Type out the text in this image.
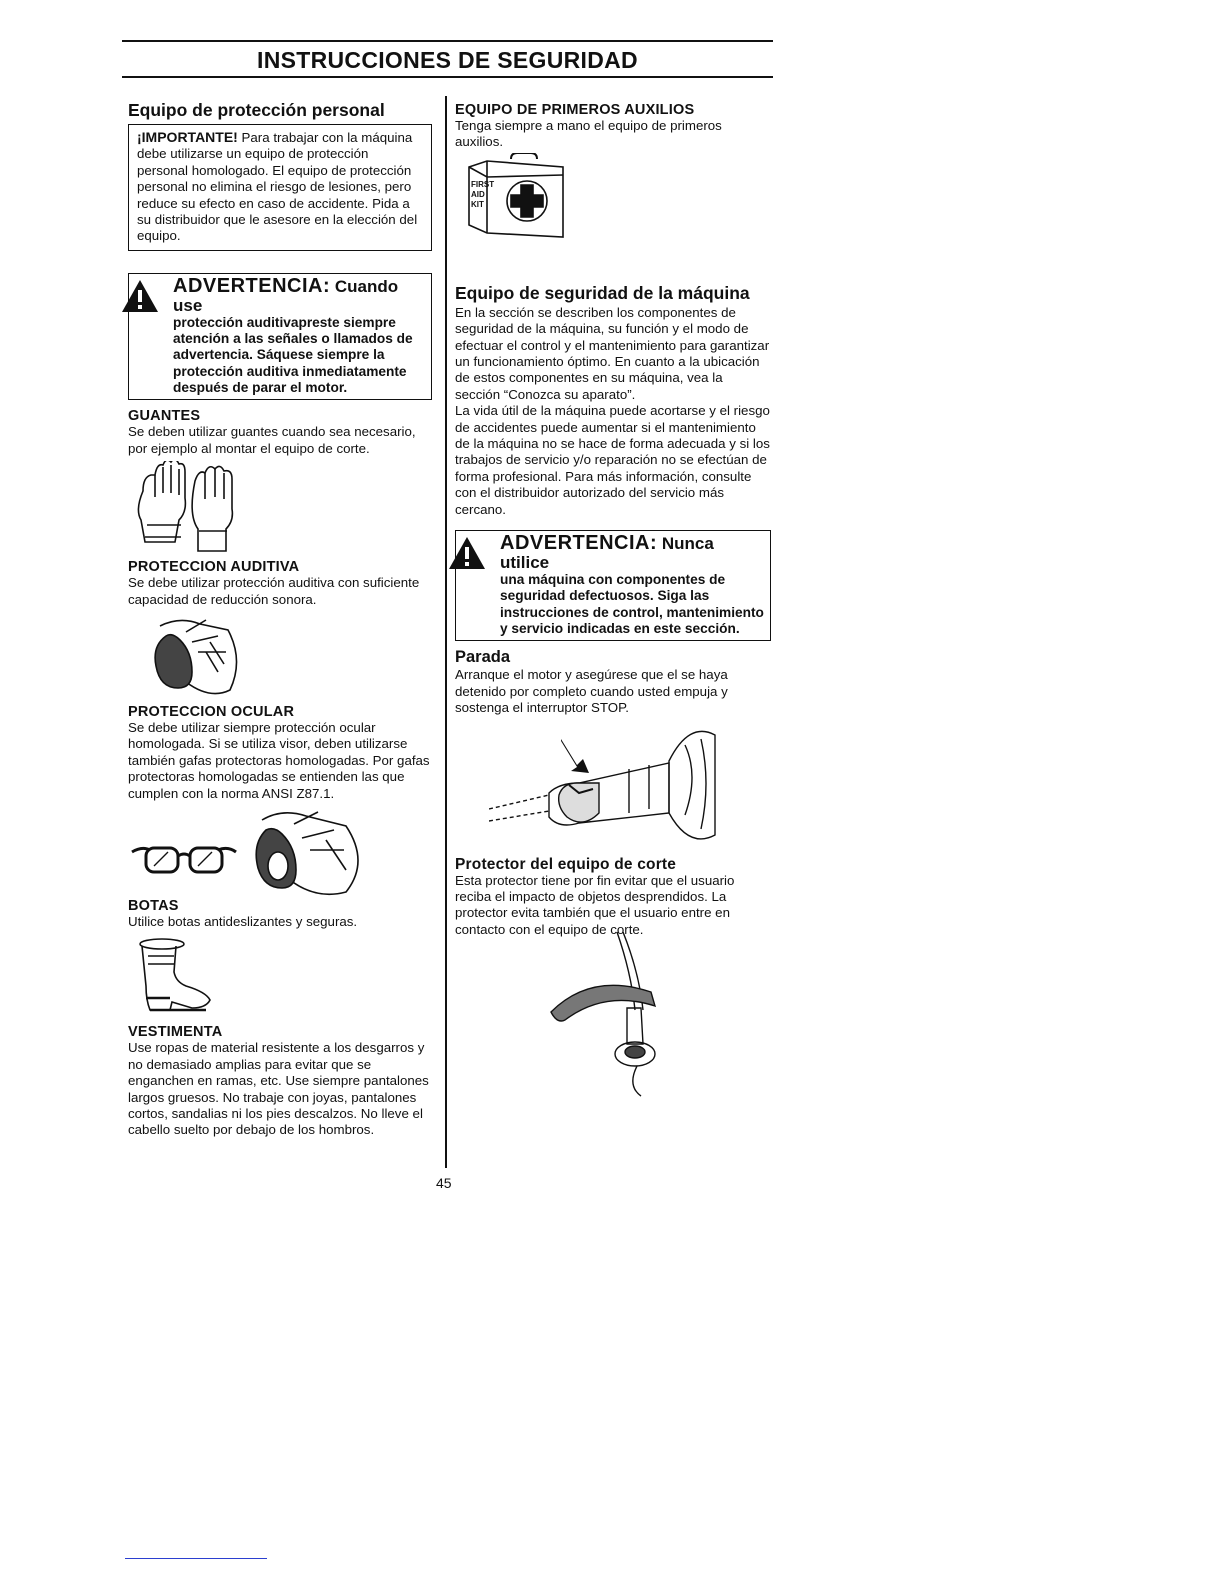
INSTRUCCIONES DE SEGURIDAD
Equipo de protección personal

¡IMPORTANTE! Para trabajar con la máquina debe utilizarse un equipo de protección personal homologado. El equipo de protección personal no elimina el riesgo de lesiones, pero reduce su efecto en caso de accidente. Pida a su distribuidor que le asesore en la elección del equipo.

ADVERTENCIA: Cuando use
protección auditivapreste siempre atención a las señales o llamados de advertencia. Sáquese siempre la protección auditiva inmediatamente después de parar el motor.
GUANTES

Se deben utilizar guantes cuando sea necesario, por ejemplo al montar el equipo de corte.

PROTECCION AUDITIVA

Se debe utilizar protección auditiva con suficiente capacidad de reducción sonora.

PROTECCION OCULAR

Se debe utilizar siempre protección ocular homologada. Si se utiliza visor, deben utilizarse también gafas protectoras homologadas. Por gafas protectoras homologadas se entienden las que cumplen con la norma ANSI Z87.1.

BOTAS

Utilice botas antideslizantes y seguras.

VESTIMENTA

Use ropas de material resistente a los desgarros y no demasiado amplias para evitar que se enganchen en ramas, etc. Use siempre pantalones largos gruesos. No trabaje con joyas, pantalones cortos, sandalias ni los pies descalzos. No lleve el cabello suelto por debajo de los hombros.

EQUIPO DE PRIMEROS AUXILIOS

Tenga siempre a mano el equipo de primeros auxilios.

FIRST
AID
KIT
Equipo de seguridad de la máquina

En la sección se describen los componentes de seguridad de la máquina, su función y el modo de efectuar el control y el mantenimiento para garantizar un funcionamiento óptimo. En cuanto a la ubicación de estos componentes en su máquina, vea la sección “Conozca su aparato”.

La vida útil de la máquina puede acortarse y el riesgo de accidentes puede aumentar si el mantenimiento de la máquina no se hace de forma adecuada y si los trabajos de servicio y/o reparación no se efectúan de forma profesional. Para más información, consulte con el distribuidor autorizado del servicio más cercano.

ADVERTENCIA: Nunca utilice
una máquina con componentes de seguridad defectuosos. Siga las instrucciones de control, mantenimiento y servicio indicadas en este sección.
Parada

Arranque el motor y asegúrese que el se haya detenido por completo cuando usted empuja y sostenga el interruptor STOP.

Protector del equipo de corte

Esta protector tiene por fin evitar que el usuario reciba el impacto de objetos desprendidos. La protector evita también que el usuario entre en contacto con el equipo de corte.

45
